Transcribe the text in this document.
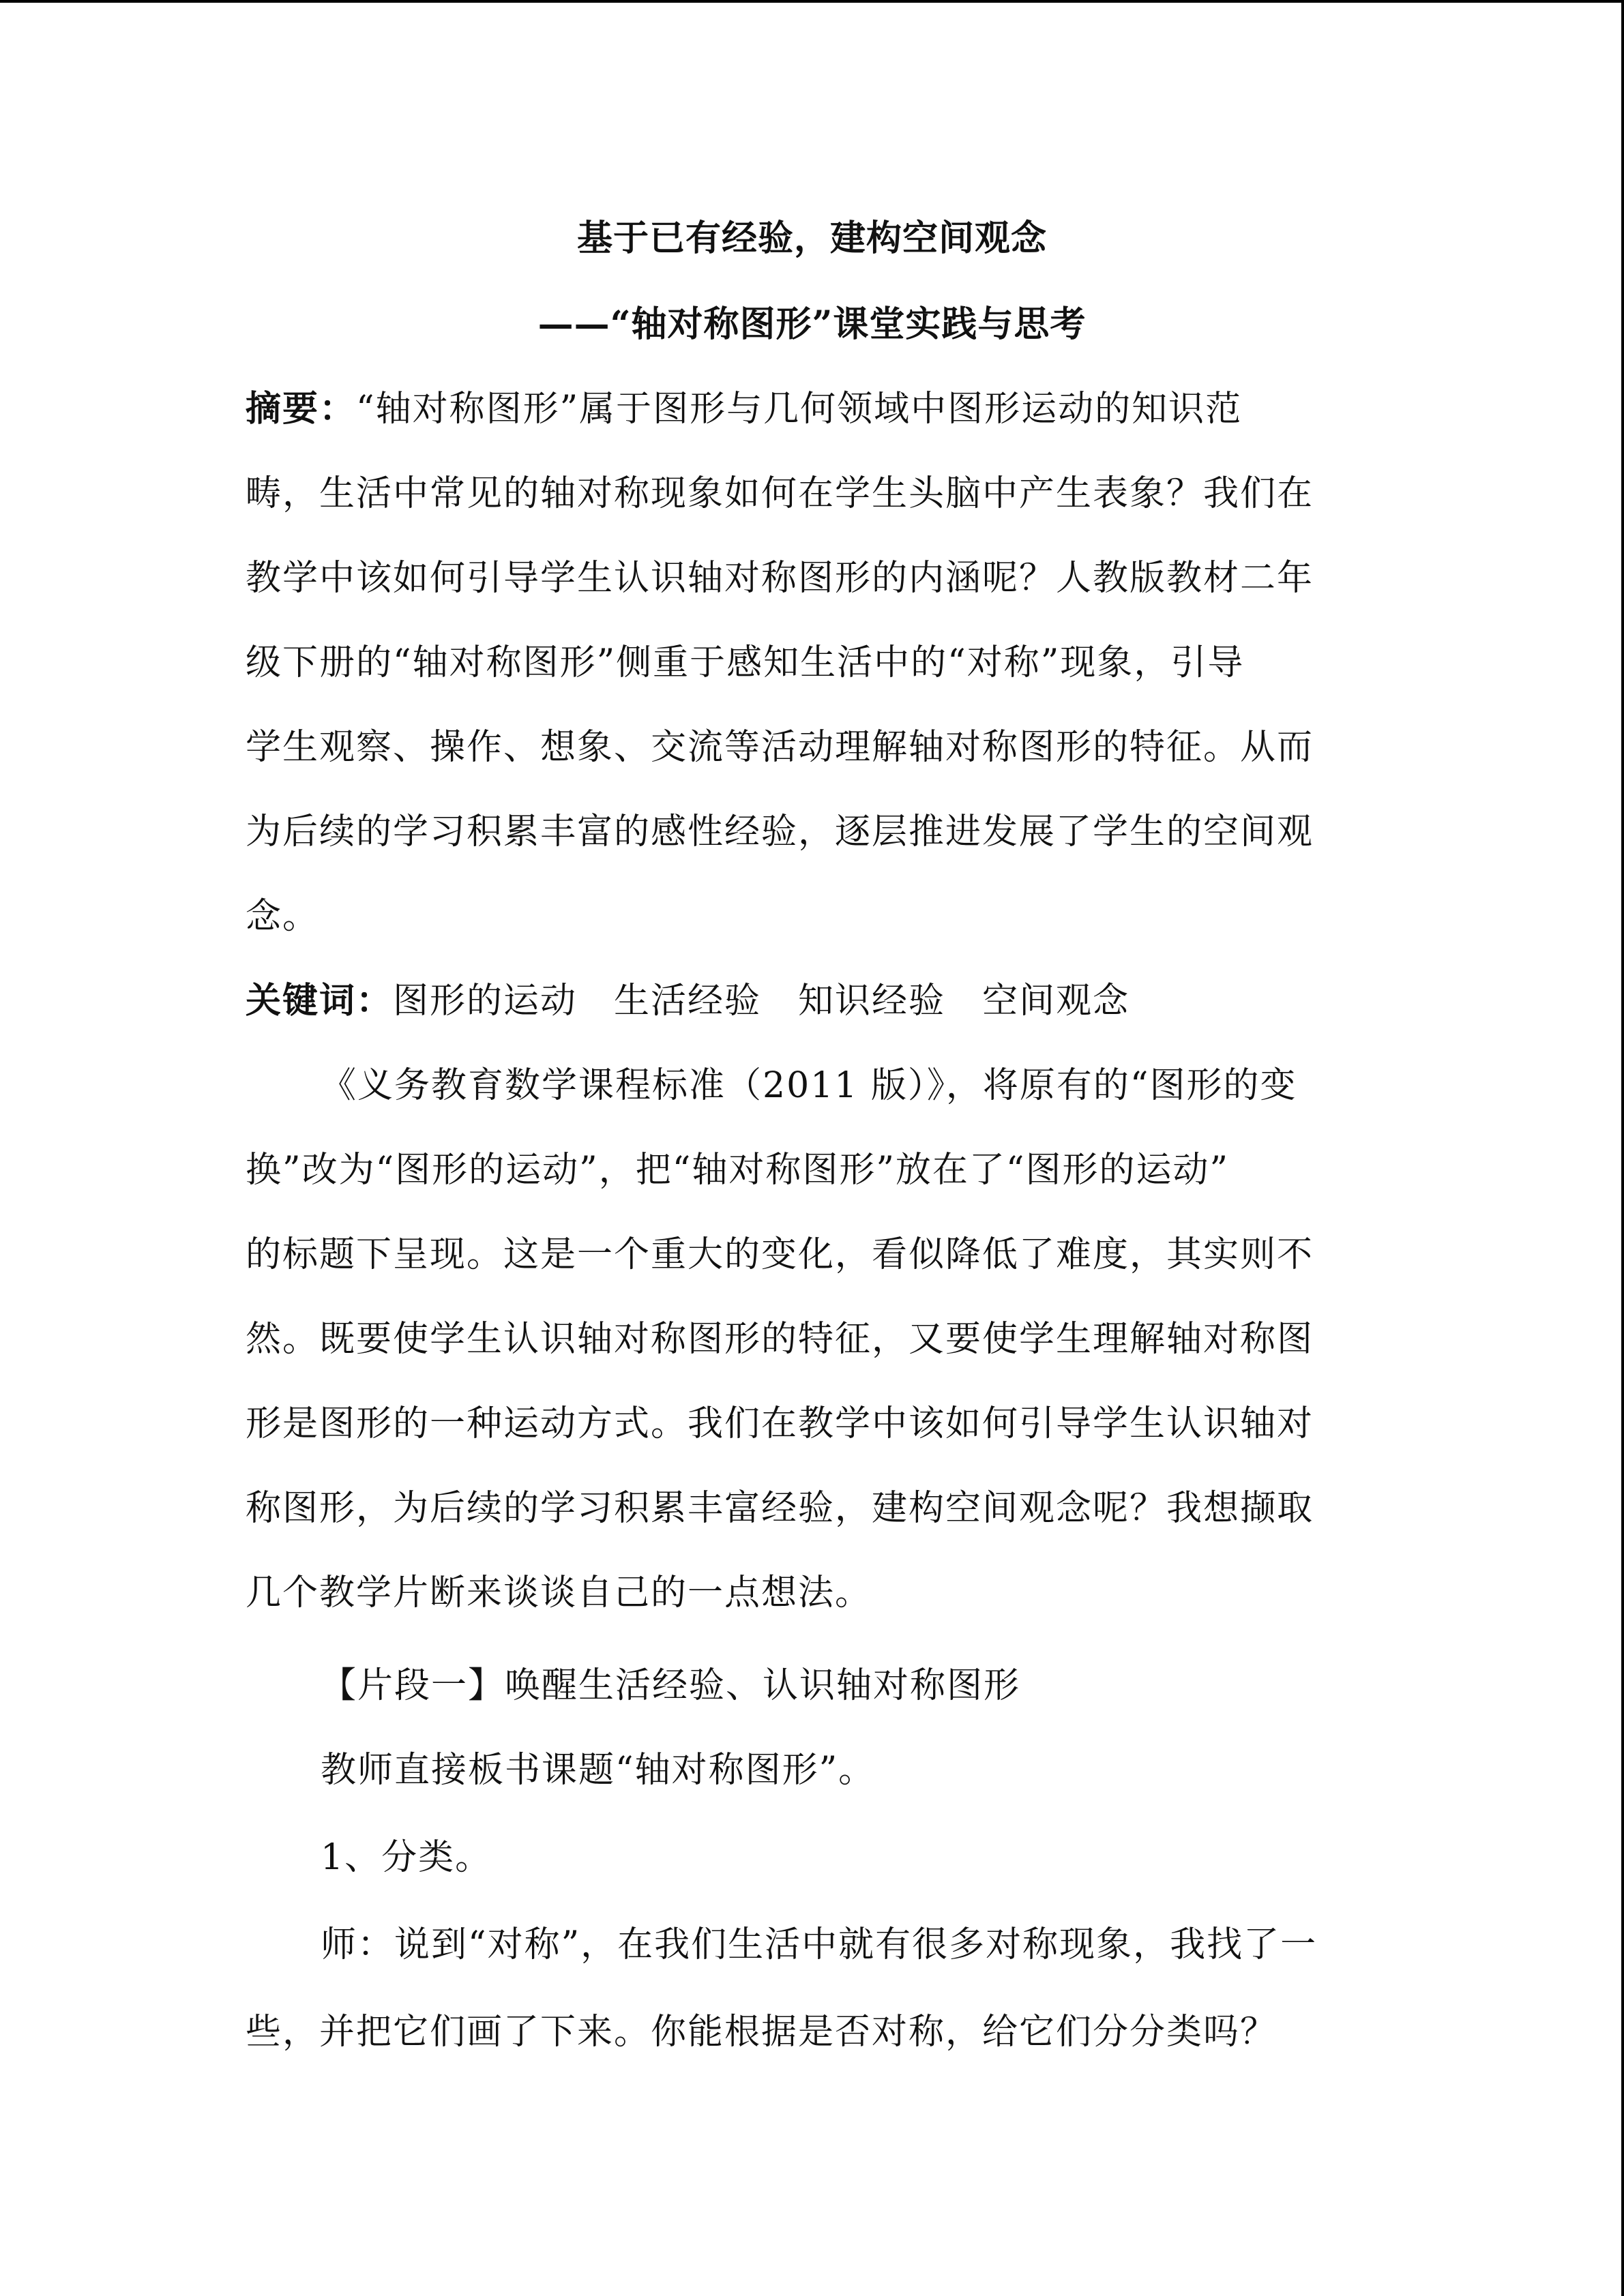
基于已有经验，建构空间观念
——“轴对称图形”课堂实践与思考
摘要：“轴对称图形”属于图形与几何领域中图形运动的知识范
畴，生活中常见的轴对称现象如何在学生头脑中产生表象？我们在
教学中该如何引导学生认识轴对称图形的内涵呢？人教版教材二年
级下册的“轴对称图形”侧重于感知生活中的“对称”现象，引导
学生观察、操作、想象、交流等活动理解轴对称图形的特征。从而
为后续的学习积累丰富的感性经验，逐层推进发展了学生的空间观
念。
关键词：图形的运动 生活经验 知识经验 空间观念
《义务教育数学课程标准（2011 版）》，将原有的“图形的变
换”改为“图形的运动”，把“轴对称图形”放在了“图形的运动”
的标题下呈现。这是一个重大的变化，看似降低了难度，其实则不
然。既要使学生认识轴对称图形的特征，又要使学生理解轴对称图
形是图形的一种运动方式。我们在教学中该如何引导学生认识轴对
称图形，为后续的学习积累丰富经验，建构空间观念呢？我想撷取
几个教学片断来谈谈自己的一点想法。
【片段一】唤醒生活经验、认识轴对称图形
教师直接板书课题“轴对称图形”。
1、分类。
师：说到“对称”，在我们生活中就有很多对称现象，我找了一
些，并把它们画了下来。你能根据是否对称，给它们分分类吗？
